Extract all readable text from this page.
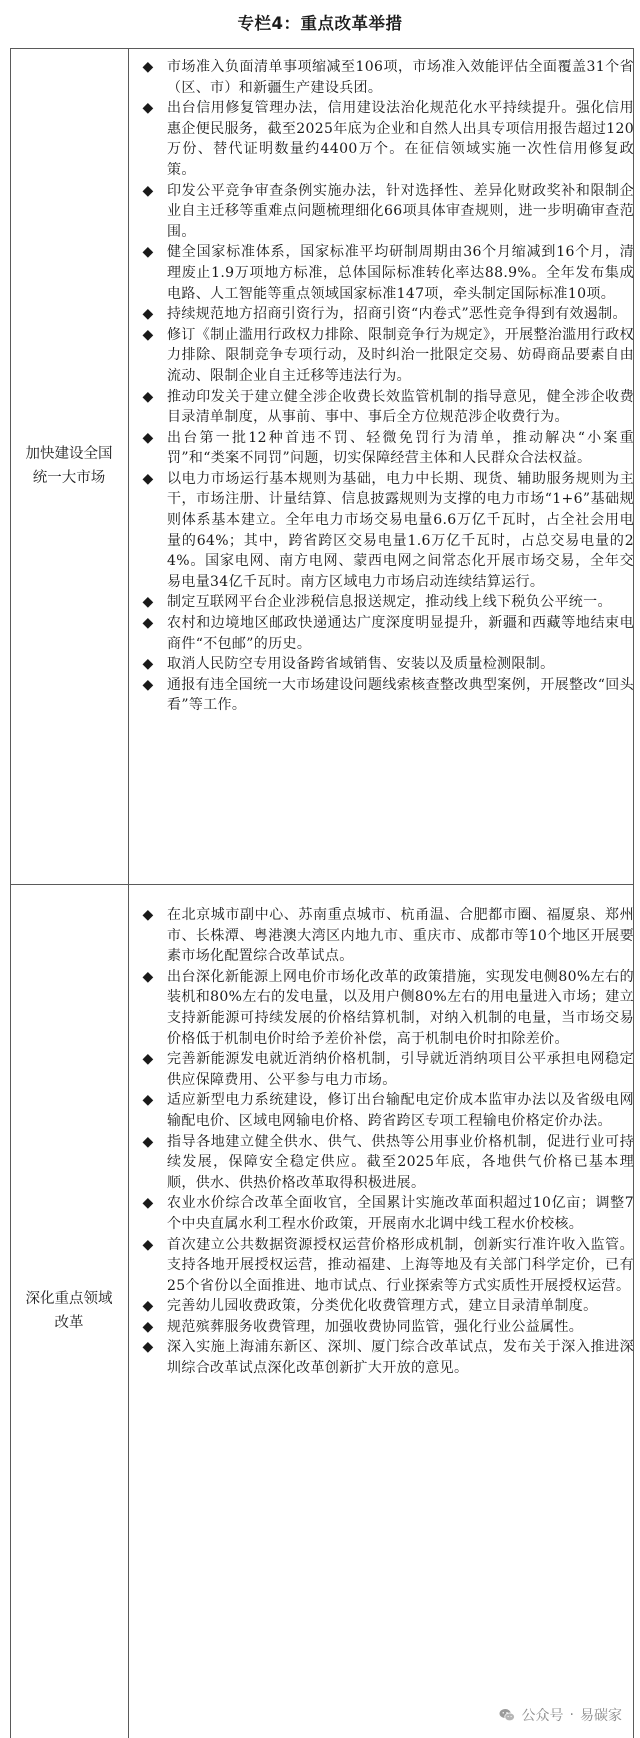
专栏4：重点改革举措
加快建设全国统一大市场
◆ 市场准入负面清单事项缩减至106项，市场准入效能评估全面覆盖31个省（区、市）和新疆生产建设兵团。
◆ 出台信用修复管理办法，信用建设法治化规范化水平持续提升。强化信用惠企便民服务，截至2025年底为企业和自然人出具专项信用报告超过120万份、替代证明数量约4400万个。在征信领域实施一次性信用修复政策。
◆ 印发公平竞争审查条例实施办法，针对选择性、差异化财政奖补和限制企业自主迁移等重难点问题梳理细化66项具体审查规则，进一步明确审查范围。
◆ 健全国家标准体系，国家标准平均研制周期由36个月缩减到16个月，清理废止1.9万项地方标准，总体国际标准转化率达88.9%。全年发布集成电路、人工智能等重点领域国家标准147项，牵头制定国际标准10项。
◆ 持续规范地方招商引资行为，招商引资“内卷式”恶性竞争得到有效遏制。
◆ 修订《制止滥用行政权力排除、限制竞争行为规定》，开展整治滥用行政权力排除、限制竞争专项行动，及时纠治一批限定交易、妨碍商品要素自由流动、限制企业自主迁移等违法行为。
◆ 推动印发关于建立健全涉企收费长效监管机制的指导意见，健全涉企收费目录清单制度，从事前、事中、事后全方位规范涉企收费行为。
◆ 出台第一批12种首违不罚、轻微免罚行为清单，推动解决“小案重罚”和“类案不同罚”问题，切实保障经营主体和人民群众合法权益。
◆ 以电力市场运行基本规则为基础，电力中长期、现货、辅助服务规则为主干，市场注册、计量结算、信息披露规则为支撑的电力市场“1+6”基础规则体系基本建立。全年电力市场交易电量6.6万亿千瓦时，占全社会用电量的64%；其中，跨省跨区交易电量1.6万亿千瓦时，占总交易电量的24%。国家电网、南方电网、蒙西电网之间常态化开展市场交易，全年交易电量34亿千瓦时。南方区域电力市场启动连续结算运行。
◆ 制定互联网平台企业涉税信息报送规定，推动线上线下税负公平统一。
◆ 农村和边境地区邮政快递通达广度深度明显提升，新疆和西藏等地结束电商件“不包邮”的历史。
◆ 取消人民防空专用设备跨省域销售、安装以及质量检测限制。
◆ 通报有违全国统一大市场建设问题线索核查整改典型案例，开展整改“回头看”等工作。
深化重点领域改革
◆ 在北京城市副中心、苏南重点城市、杭甬温、合肥都市圈、福厦泉、郑州市、长株潭、粤港澳大湾区内地九市、重庆市、成都市等10个地区开展要素市场化配置综合改革试点。
◆ 出台深化新能源上网电价市场化改革的政策措施，实现发电侧80%左右的装机和80%左右的发电量，以及用户侧80%左右的用电量进入市场；建立支持新能源可持续发展的价格结算机制，对纳入机制的电量，当市场交易价格低于机制电价时给予差价补偿，高于机制电价时扣除差价。
◆ 完善新能源发电就近消纳价格机制，引导就近消纳项目公平承担电网稳定供应保障费用、公平参与电力市场。
◆ 适应新型电力系统建设，修订出台输配电定价成本监审办法以及省级电网输配电价、区域电网输电价格、跨省跨区专项工程输电价格定价办法。
◆ 指导各地建立健全供水、供气、供热等公用事业价格机制，促进行业可持续发展，保障安全稳定供应。截至2025年底，各地供气价格已基本理顺，供水、供热价格改革取得积极进展。
◆ 农业水价综合改革全面收官，全国累计实施改革面积超过10亿亩；调整7个中央直属水利工程水价政策，开展南水北调中线工程水价校核。
◆ 首次建立公共数据资源授权运营价格形成机制，创新实行准许收入监管。支持各地开展授权运营，推动福建、上海等地及有关部门科学定价，已有25个省份以全面推进、地市试点、行业探索等方式实质性开展授权运营。
◆ 完善幼儿园收费政策，分类优化收费管理方式，建立目录清单制度。
◆ 规范殡葬服务收费管理，加强收费协同监管，强化行业公益属性。
◆ 深入实施上海浦东新区、深圳、厦门综合改革试点，发布关于深入推进深圳综合改革试点深化改革创新扩大开放的意见。
公众号 · 易碳家
